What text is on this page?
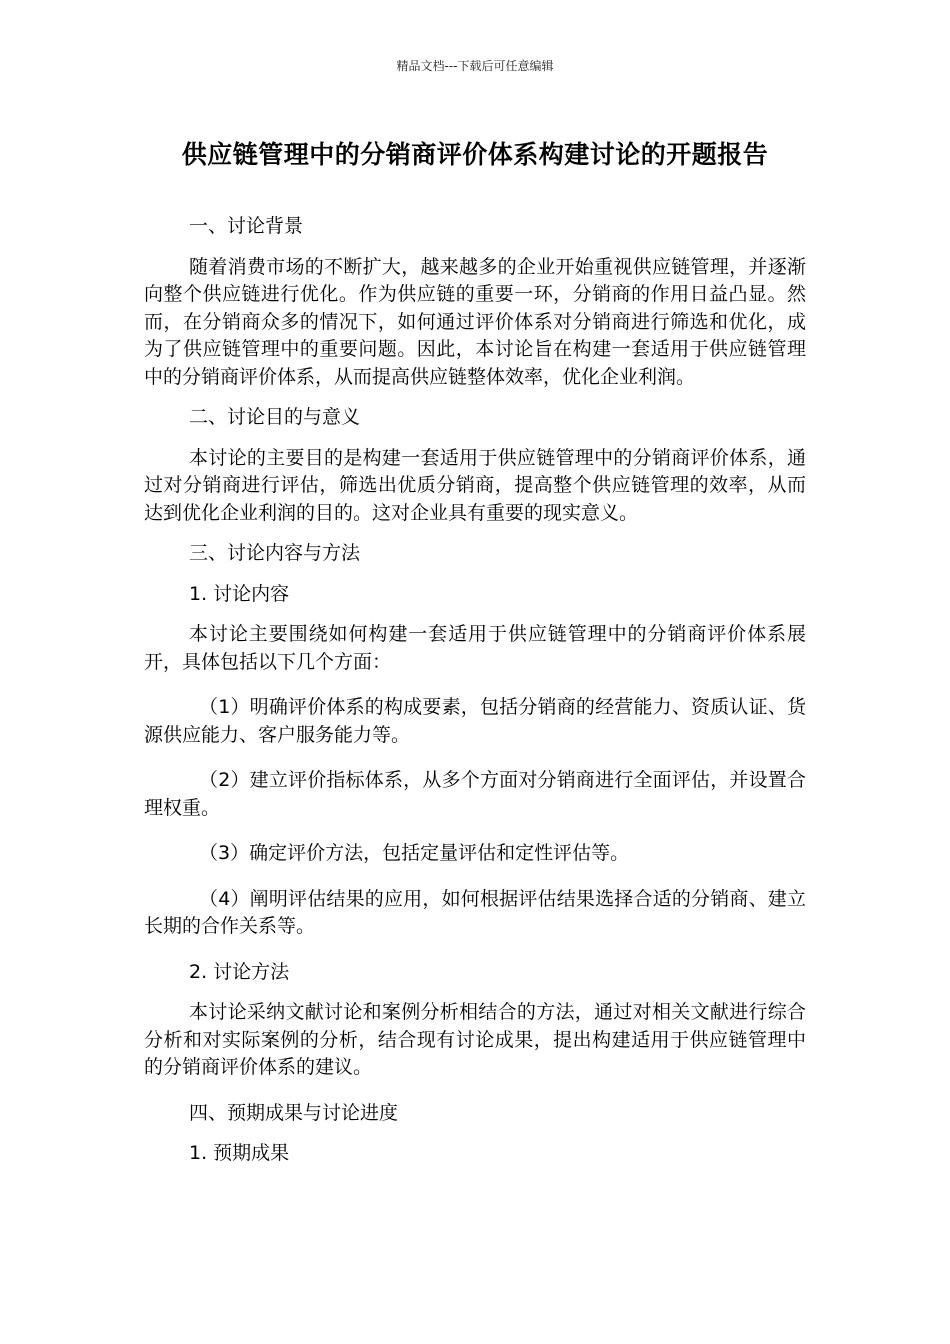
精品文档---下载后可任意编辑
供应链管理中的分销商评价体系构建讨论的开题报告

一、讨论背景

随着消费市场的不断扩大，越来越多的企业开始重视供应链管理，并逐渐向整个供应链进行优化。作为供应链的重要一环，分销商的作用日益凸显。然而，在分销商众多的情况下，如何通过评价体系对分销商进行筛选和优化，成为了供应链管理中的重要问题。因此，本讨论旨在构建一套适用于供应链管理中的分销商评价体系，从而提高供应链整体效率，优化企业利润。

二、讨论目的与意义

本讨论的主要目的是构建一套适用于供应链管理中的分销商评价体系，通过对分销商进行评估，筛选出优质分销商，提高整个供应链管理的效率，从而达到优化企业利润的目的。这对企业具有重要的现实意义。

三、讨论内容与方法

1. 讨论内容

本讨论主要围绕如何构建一套适用于供应链管理中的分销商评价体系展开，具体包括以下几个方面：

（1）明确评价体系的构成要素，包括分销商的经营能力、资质认证、货源供应能力、客户服务能力等。

（2）建立评价指标体系，从多个方面对分销商进行全面评估，并设置合理权重。

（3）确定评价方法，包括定量评估和定性评估等。

（4）阐明评估结果的应用，如何根据评估结果选择合适的分销商、建立长期的合作关系等。

2. 讨论方法

本讨论采纳文献讨论和案例分析相结合的方法，通过对相关文献进行综合分析和对实际案例的分析，结合现有讨论成果，提出构建适用于供应链管理中的分销商评价体系的建议。

四、预期成果与讨论进度

1. 预期成果
